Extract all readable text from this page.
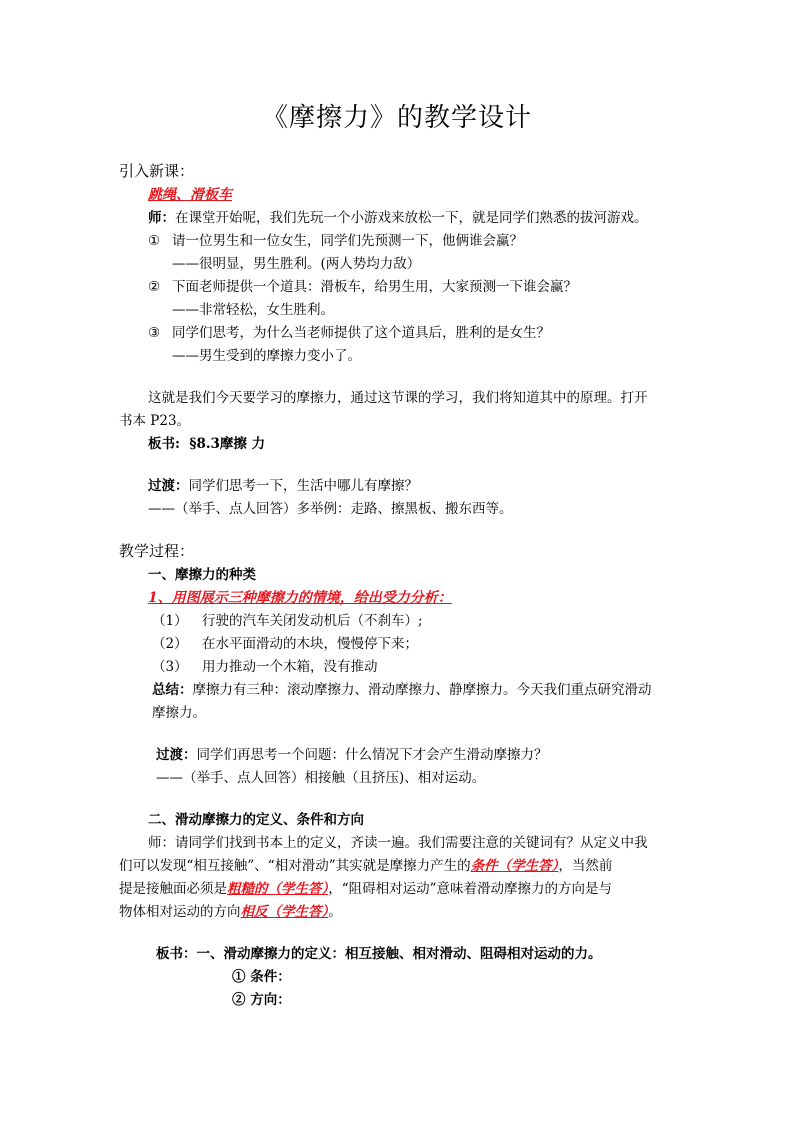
《摩擦力》的教学设计
引入新课：
跳绳、滑板车
师：在课堂开始呢，我们先玩一个小游戏来放松一下，就是同学们熟悉的拔河游戏。
① 请一位男生和一位女生，同学们先预测一下，他俩谁会赢？
——很明显，男生胜利。(两人势均力敌）
② 下面老师提供一个道具：滑板车，给男生用，大家预测一下谁会赢？
——非常轻松，女生胜利。
③ 同学们思考，为什么当老师提供了这个道具后，胜利的是女生？
——男生受到的摩擦力变小了。
这就是我们今天要学习的摩擦力，通过这节课的学习，我们将知道其中的原理。打开
书本 P23。
板书: §8.3摩擦 力
过渡：同学们思考一下，生活中哪儿有摩擦？
——（举手、点人回答）多举例：走路、擦黑板、搬东西等。
教学过程：
一、摩擦力的种类
1、用图展示三种摩擦力的情境，给出受力分析：
（1） 行驶的汽车关闭发动机后（不刹车）;
（2） 在水平面滑动的木块，慢慢停下来；
（3） 用力推动一个木箱，没有推动
总结：摩擦力有三种：滚动摩擦力、滑动摩擦力、静摩擦力。今天我们重点研究滑动
摩擦力。
过渡：同学们再思考一个问题：什么情况下才会产生滑动摩擦力？
——（举手、点人回答）相接触（且挤压)、相对运动。
二、滑动摩擦力的定义、条件和方向
师：请同学们找到书本上的定义，齐读一遍。我们需要注意的关键词有？从定义中我
们可以发现“相互接触”、“相对滑动”其实就是摩擦力产生的条件（学生答），当然前
提是接触面必须是粗糙的（学生答），“阻碍相对运动”意味着滑动摩擦力的方向是与
物体相对运动的方向相反（学生答）。
板书：一、滑动摩擦力的定义：相互接触、相对滑动、阻碍相对运动的力。
① 条件：
② 方向：
